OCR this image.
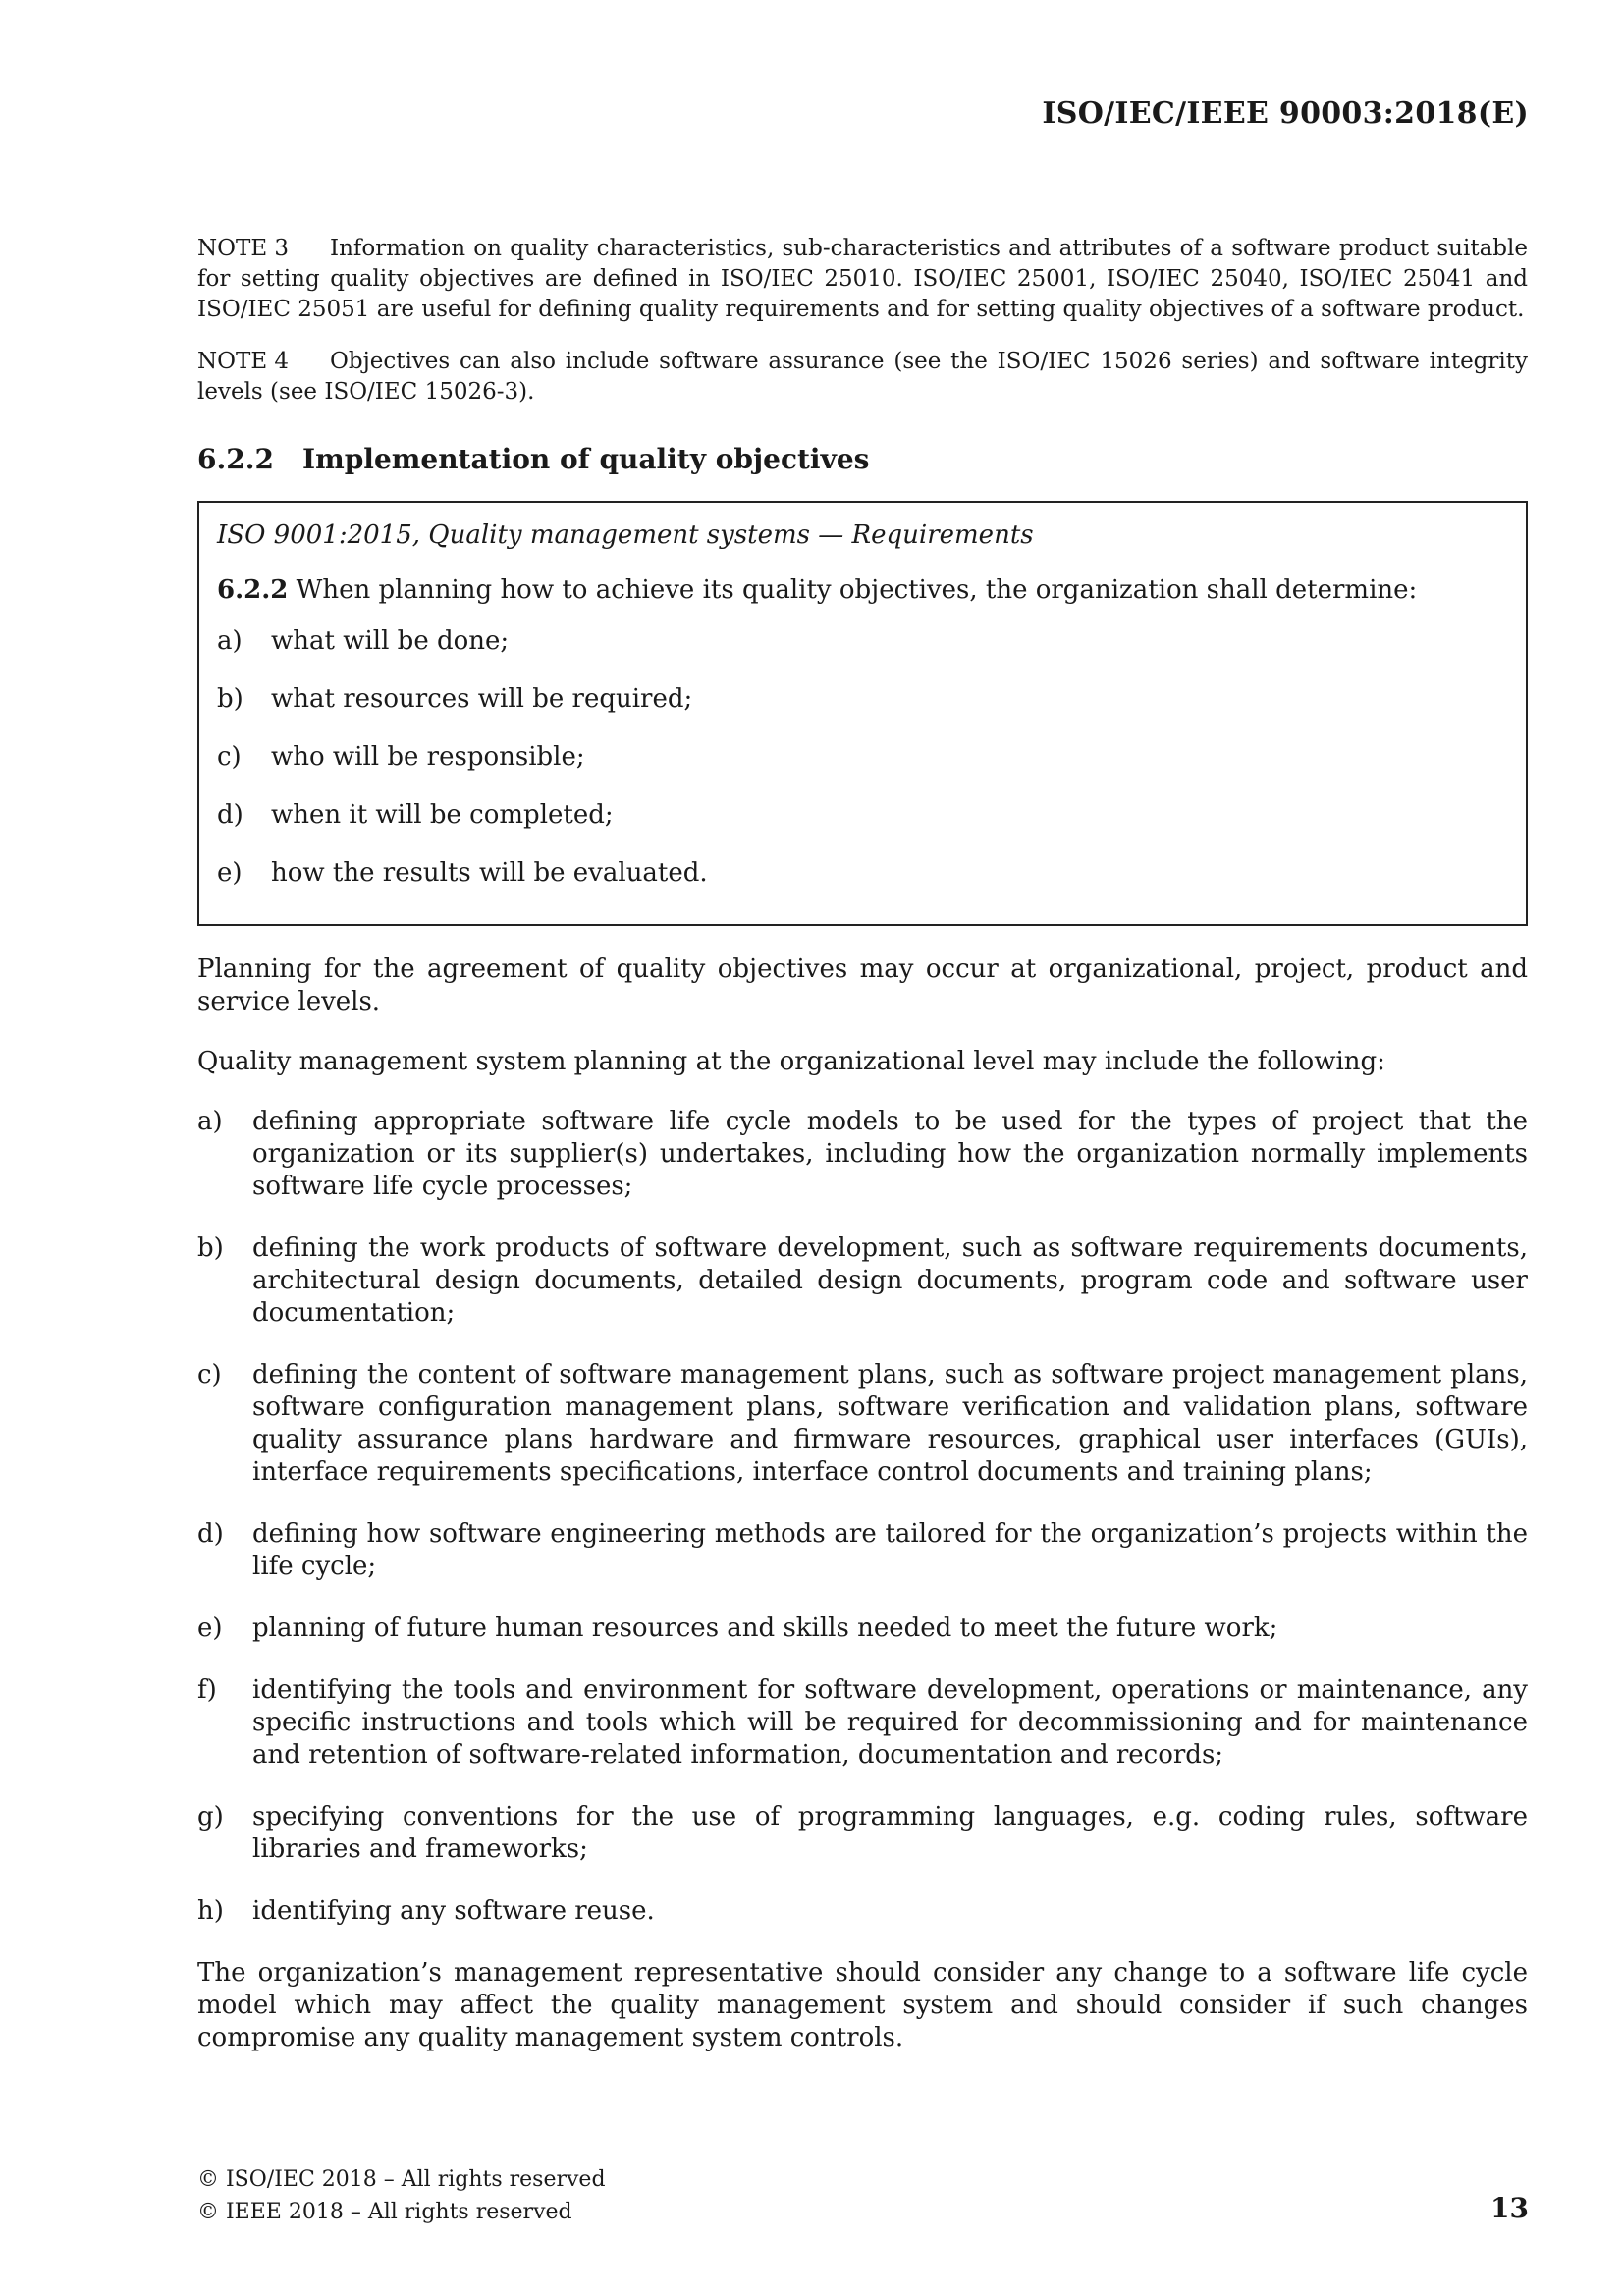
ISO/IEC/IEEE 90003:2018(E)

NOTE 3 Information on quality characteristics, sub-characteristics and attributes of a software product suitable for setting quality objectives are defined in ISO/IEC 25010. ISO/IEC 25001, ISO/IEC 25040, ISO/IEC 25041 and ISO/IEC 25051 are useful for defining quality requirements and for setting quality objectives of a software product.

NOTE 4 Objectives can also include software assurance (see the ISO/IEC 15026 series) and software integrity levels (see ISO/IEC 15026-3).

6.2.2 Implementation of quality objectives
ISO 9001:2015, Quality management systems — Requirements
6.2.2 When planning how to achieve its quality objectives, the organization shall determine:
a)	what will be done;
b)	what resources will be required;
c)	who will be responsible;
d)	when it will be completed;
e)	how the results will be evaluated.

Planning for the agreement of quality objectives may occur at organizational, project, product and service levels.

Quality management system planning at the organizational level may include the following:

a)	defining appropriate software life cycle models to be used for the types of project that the organization or its supplier(s) undertakes, including how the organization normally implements software life cycle processes;
b)	defining the work products of software development, such as software requirements documents, architectural design documents, detailed design documents, program code and software user documentation;
c)	defining the content of software management plans, such as software project management plans, software configuration management plans, software verification and validation plans, software quality assurance plans hardware and firmware resources, graphical user interfaces (GUIs), interface requirements specifications, interface control documents and training plans;
d)	defining how software engineering methods are tailored for the organization’s projects within the life cycle;
e)	planning of future human resources and skills needed to meet the future work;
f)	identifying the tools and environment for software development, operations or maintenance, any specific instructions and tools which will be required for decommissioning and for maintenance and retention of software-related information, documentation and records;
g)	specifying conventions for the use of programming languages, e.g. coding rules, software libraries and frameworks;
h)	identifying any software reuse.

The organization’s management representative should consider any change to a software life cycle model which may affect the quality management system and should consider if such changes compromise any quality management system controls.

© ISO/IEC 2018 – All rights reserved
© IEEE 2018 – All rights reserved	13
